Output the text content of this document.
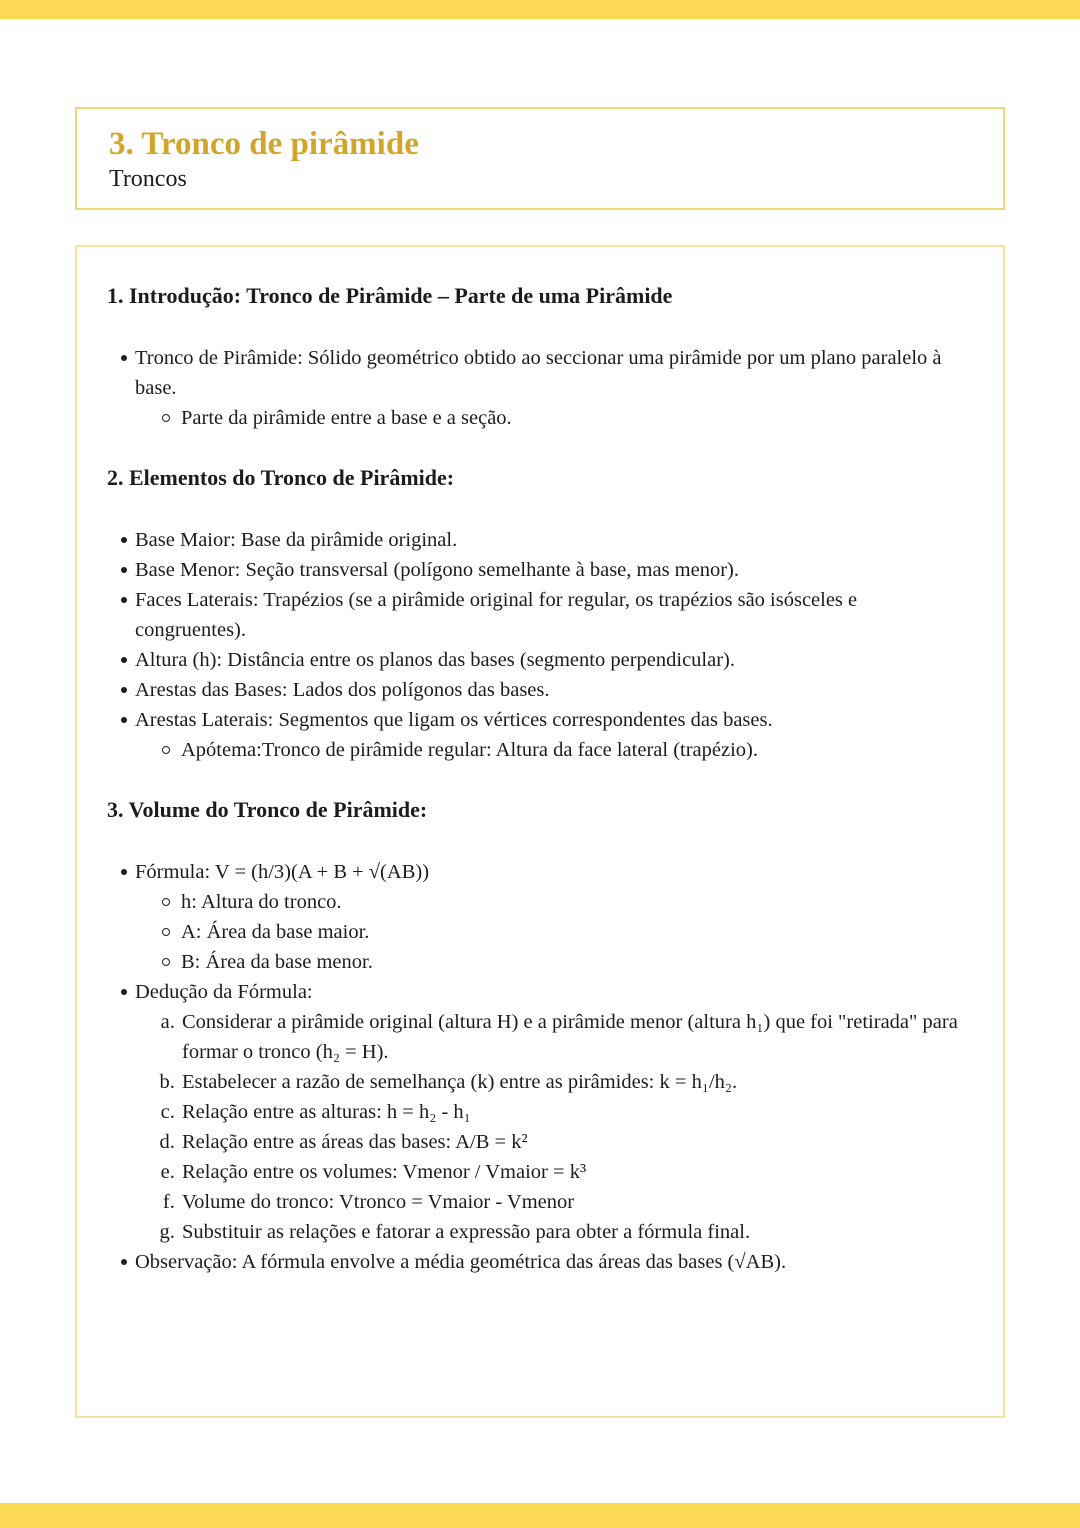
3. Tronco de pirâmide
Troncos
1. Introdução: Tronco de Pirâmide – Parte de uma Pirâmide
Tronco de Pirâmide: Sólido geométrico obtido ao seccionar uma pirâmide por um plano paralelo à base.
Parte da pirâmide entre a base e a seção.
2. Elementos do Tronco de Pirâmide:
Base Maior: Base da pirâmide original.
Base Menor: Seção transversal (polígono semelhante à base, mas menor).
Faces Laterais: Trapézios (se a pirâmide original for regular, os trapézios são isósceles e congruentes).
Altura (h): Distância entre os planos das bases (segmento perpendicular).
Arestas das Bases: Lados dos polígonos das bases.
Arestas Laterais: Segmentos que ligam os vértices correspondentes das bases.
Apótema:Tronco de pirâmide regular: Altura da face lateral (trapézio).
3. Volume do Tronco de Pirâmide:
Fórmula: V = (h/3)(A + B + √(AB))
h: Altura do tronco.
A: Área da base maior.
B: Área da base menor.
Dedução da Fórmula:
a. Considerar a pirâmide original (altura H) e a pirâmide menor (altura h₁) que foi "retirada" para formar o tronco (h₂ = H).
b. Estabelecer a razão de semelhança (k) entre as pirâmides: k = h₁/h₂.
c. Relação entre as alturas: h = h₂ - h₁
d. Relação entre as áreas das bases: A/B = k²
e. Relação entre os volumes: Vmenor / Vmaior = k³
f. Volume do tronco: Vtronco = Vmaior - Vmenor
g. Substituir as relações e fatorar a expressão para obter a fórmula final.
Observação: A fórmula envolve a média geométrica das áreas das bases (√AB).
